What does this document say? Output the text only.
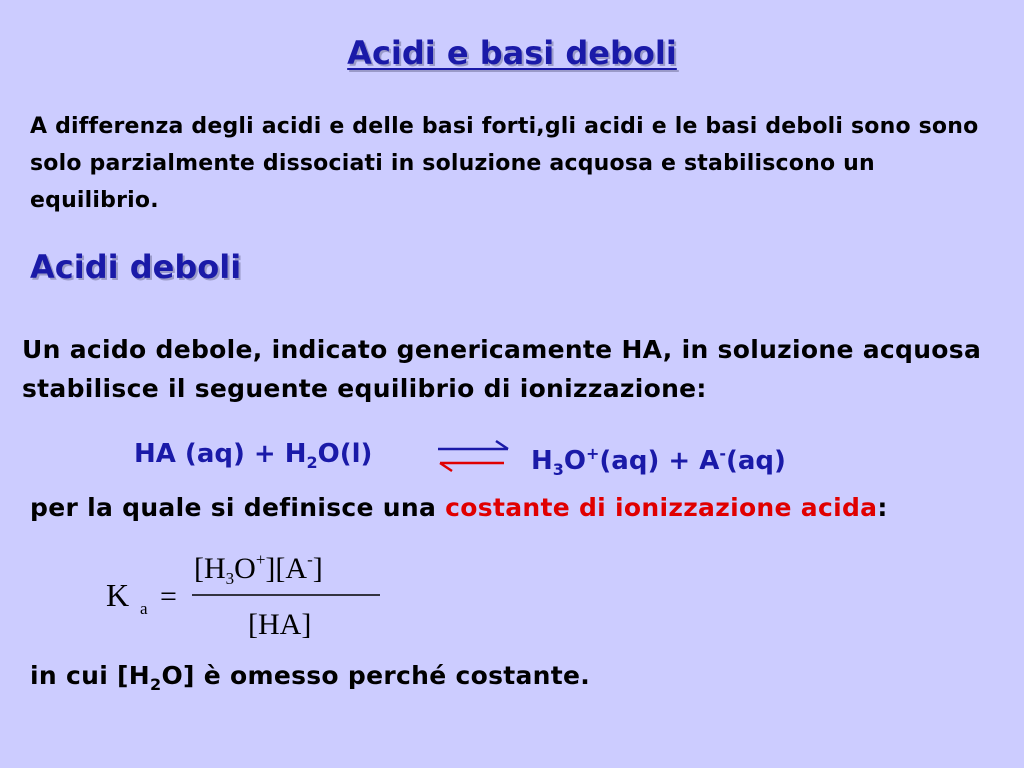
Acidi e basi deboli

A differenza degli acidi e delle basi forti,gli acidi e le basi deboli sono sono solo parzialmente dissociati in soluzione acquosa e stabiliscono un equilibrio.

Acidi deboli

Un acido debole, indicato genericamente HA, in soluzione acquosa stabilisce il seguente equilibrio di ionizzazione:

HA $(aq) + H_2O(l)$	$H_3O^+(aq) + A^-(aq)$

per la quale si definisce una costante di ionizzazione acida:

K a =
$[H_3O^+][A^-]$
[HA]

in cui $[H_2O]$ è omesso perché costante.
